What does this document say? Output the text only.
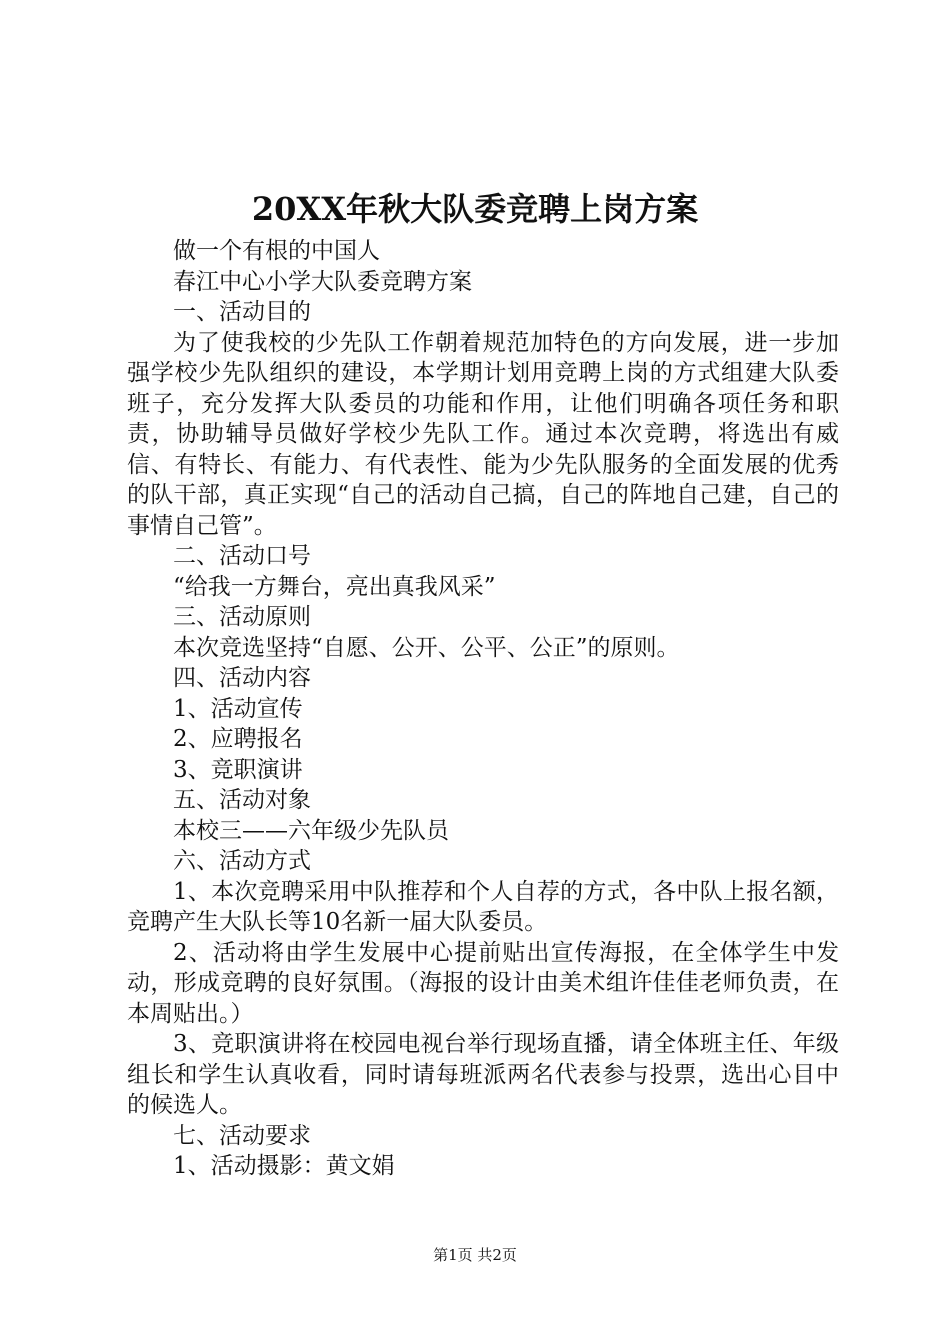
20XX年秋大队委竞聘上岗方案

做一个有根的中国人

春江中心小学大队委竞聘方案

一、活动目的

为了使我校的少先队工作朝着规范加特色的方向发展，进一步加强学校少先队组织的建设，本学期计划用竞聘上岗的方式组建大队委班子，充分发挥大队委员的功能和作用，让他们明确各项任务和职责，协助辅导员做好学校少先队工作。通过本次竞聘，将选出有威信、有特长、有能力、有代表性、能为少先队服务的全面发展的优秀的队干部，真正实现“自己的活动自己搞，自己的阵地自己建，自己的事情自己管”。

二、活动口号

“给我一方舞台，亮出真我风采”

三、活动原则

本次竞选坚持“自愿、公开、公平、公正”的原则。

四、活动内容

1、活动宣传

2、应聘报名

3、竞职演讲

五、活动对象

本校三——六年级少先队员

六、活动方式

1、本次竞聘采用中队推荐和个人自荐的方式，各中队上报名额，竞聘产生大队长等10名新一届大队委员。

2、活动将由学生发展中心提前贴出宣传海报，在全体学生中发动，形成竞聘的良好氛围。（海报的设计由美术组许佳佳老师负责，在本周贴出。）

3、竞职演讲将在校园电视台举行现场直播，请全体班主任、年级组长和学生认真收看，同时请每班派两名代表参与投票，选出心目中的候选人。

七、活动要求

1、活动摄影：黄文娟

第1页 共2页
